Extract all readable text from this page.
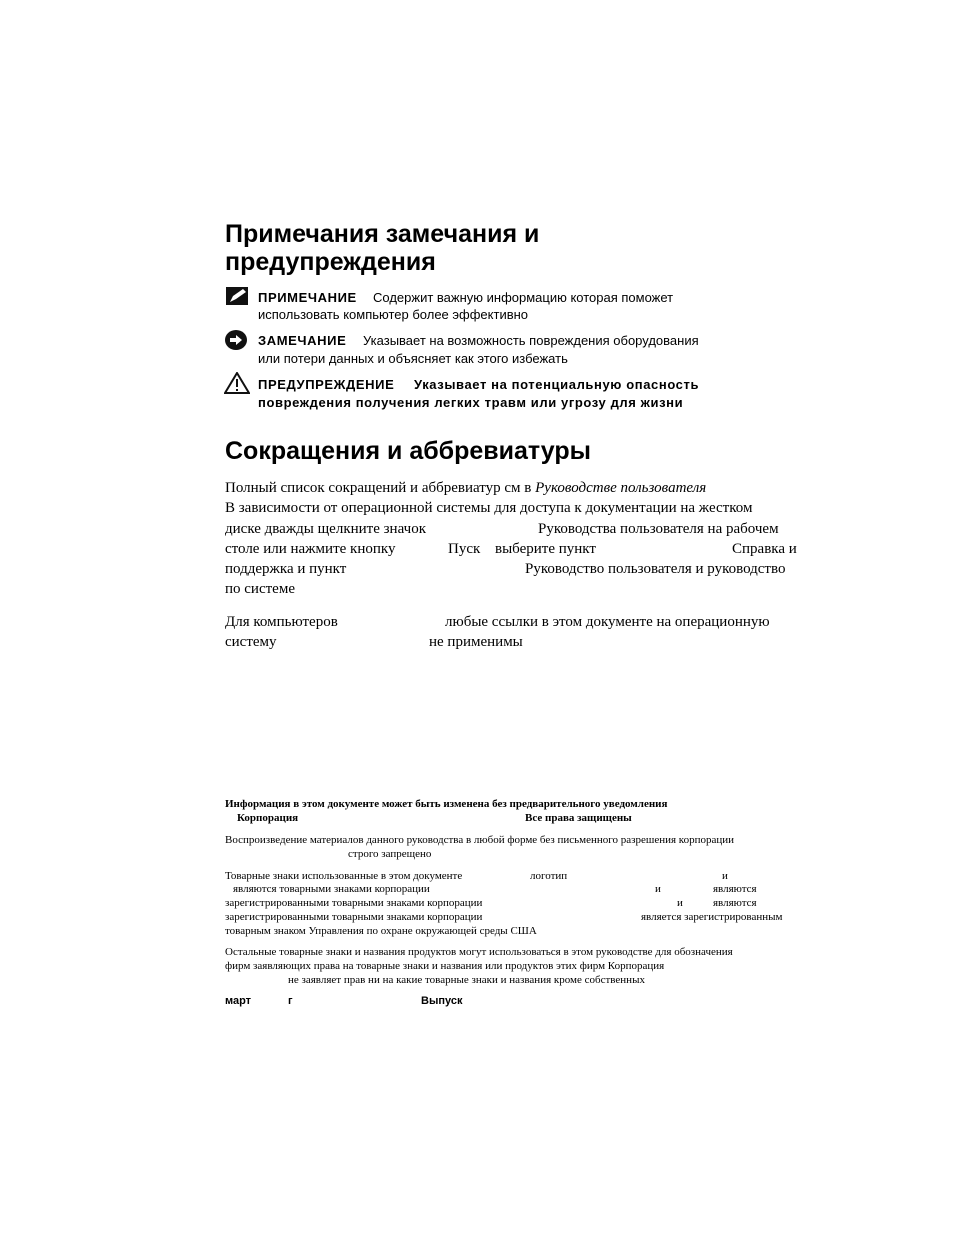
Примечания замечания и
предупреждения
ПРИМЕЧАНИЕ Содержит важную информацию которая поможет
использовать компьютер более эффективно
ЗАМЕЧАНИЕ Указывает на возможность повреждения оборудования
или потери данных и объясняет как этого избежать
ПРЕДУПРЕЖДЕНИЕ Указывает на потенциальную опасность
повреждения получения легких травм или угрозу для жизни
Сокращения и аббревиатуры
Полный список сокращений и аббревиатур см в Руководстве пользователя
В зависимости от операционной системы для доступа к документации на жестком
диске дважды щелкните значок	Руководства пользователя на рабочем
столе или нажмите кнопку	Пуск выберите пункт	Справка и
поддержка и пункт	Руководство пользователя и руководство
по системе
Для компьютеров	любые ссылки в этом документе на операционную
систему	не применимы
Информация в этом документе может быть изменена без предварительного уведомления
Корпорация	Все права защищены
Воспроизведение материалов данного руководства в любой форме без письменного разрешения корпорации
строго запрещено
Товарные знаки использованные в этом документе	логотип	и
являются товарными знаками корпорации	и	являются
зарегистрированными товарными знаками корпорации	и	являются
зарегистрированными товарными знаками корпорации	является зарегистрированным
товарным знаком Управления по охране окружающей среды США
Остальные товарные знаки и названия продуктов могут использоваться в этом руководстве для обозначения
фирм заявляющих права на товарные знаки и названия или продуктов этих фирм Корпорация
не заявляет прав ни на какие товарные знаки и названия кроме собственных
март	г	Выпуск
